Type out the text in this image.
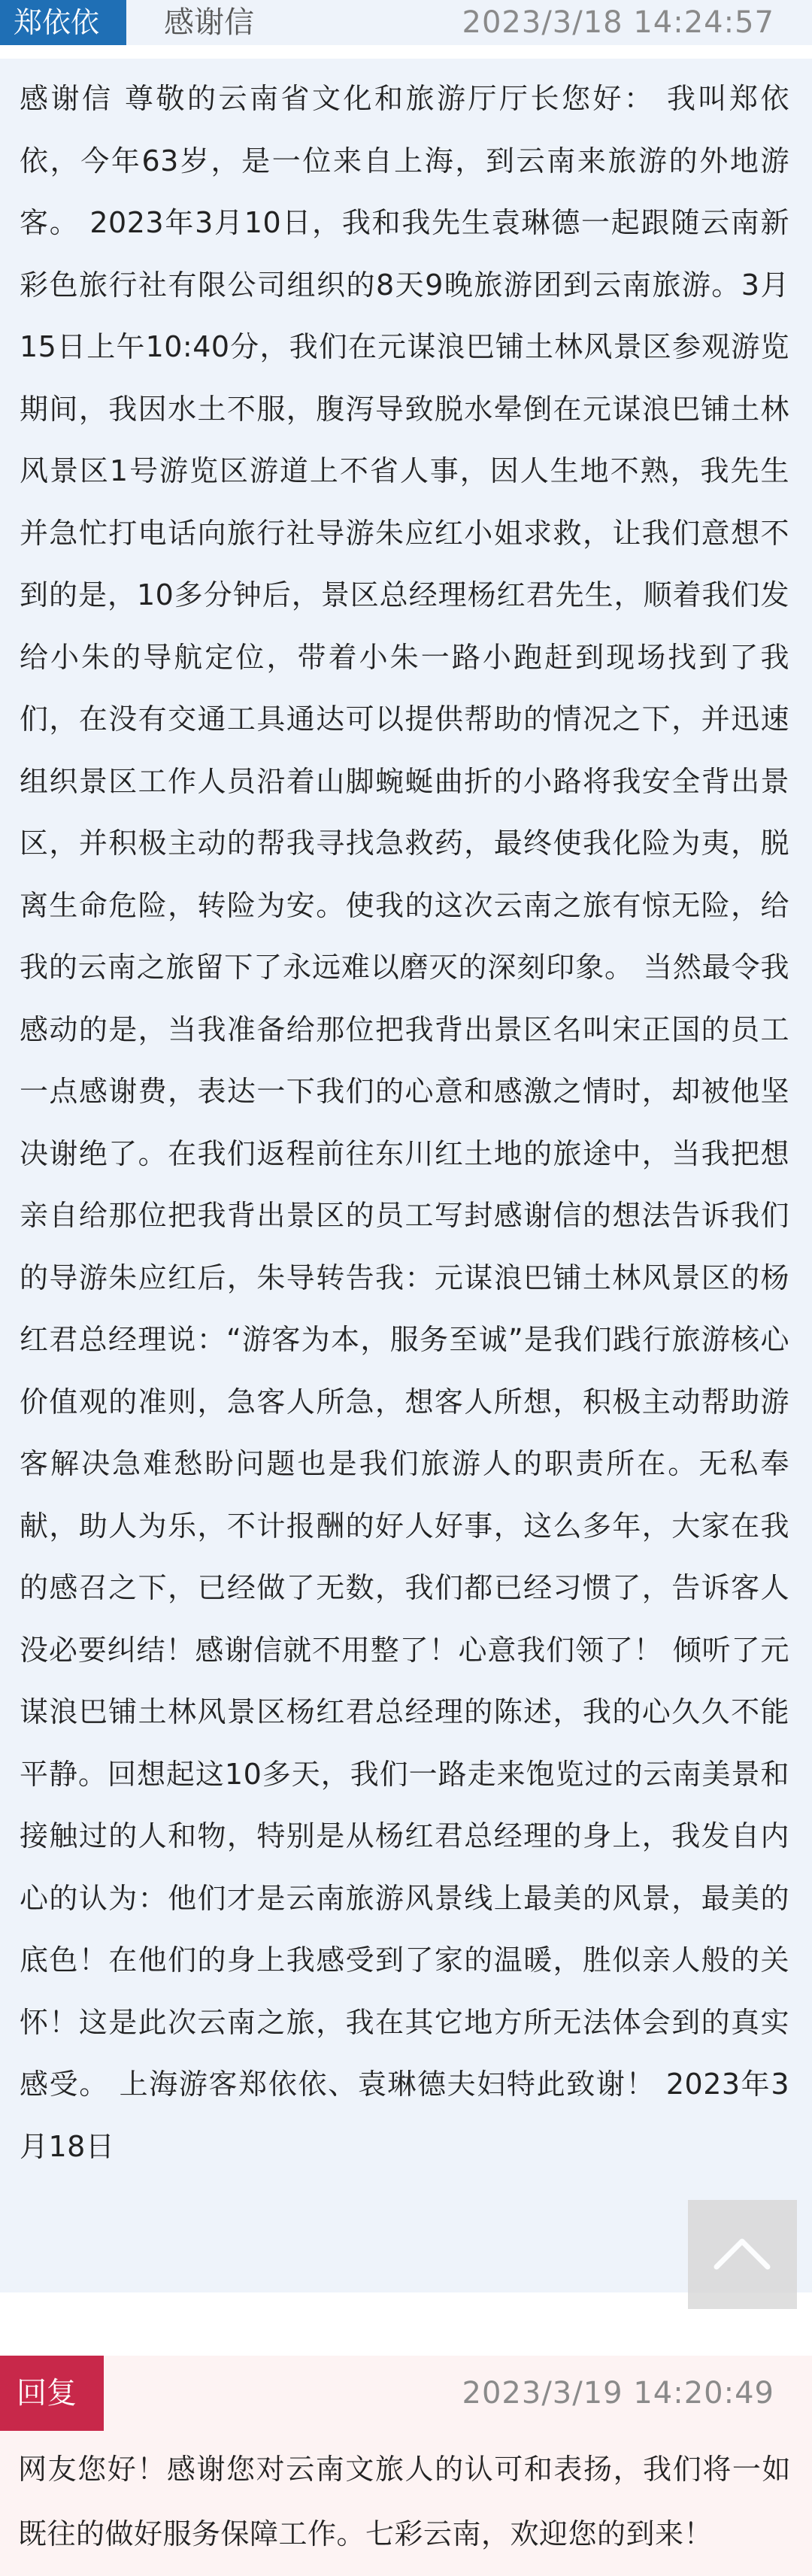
郑依依	感谢信	2023/3/18 14:24:57

感谢信 尊敬的云南省文化和旅游厅厅长您好： 我叫郑依依，今年63岁，是一位来自上海，到云南来旅游的外地游客。 2023年3月10日，我和我先生袁琳德一起跟随云南新彩色旅行社有限公司组织的8天9晚旅游团到云南旅游。3月15日上午10:40分，我们在元谋浪巴铺土林风景区参观游览期间，我因水土不服，腹泻导致脱水晕倒在元谋浪巴铺土林风景区1号游览区游道上不省人事，因人生地不熟，我先生并急忙打电话向旅行社导游朱应红小姐求救，让我们意想不到的是，10多分钟后，景区总经理杨红君先生，顺着我们发给小朱的导航定位，带着小朱一路小跑赶到现场找到了我们，在没有交通工具通达可以提供帮助的情况之下，并迅速组织景区工作人员沿着山脚蜿蜒曲折的小路将我安全背出景区，并积极主动的帮我寻找急救药，最终使我化险为夷，脱离生命危险，转险为安。使我的这次云南之旅有惊无险，给我的云南之旅留下了永远难以磨灭的深刻印象。 当然最令我感动的是，当我准备给那位把我背出景区名叫宋正国的员工一点感谢费，表达一下我们的心意和感激之情时，却被他坚决谢绝了。在我们返程前往东川红土地的旅途中，当我把想亲自给那位把我背出景区的员工写封感谢信的想法告诉我们的导游朱应红后，朱导转告我：元谋浪巴铺土林风景区的杨红君总经理说：“游客为本，服务至诚”是我们践行旅游核心价值观的准则，急客人所急，想客人所想，积极主动帮助游客解决急难愁盼问题也是我们旅游人的职责所在。无私奉献，助人为乐，不计报酬的好人好事，这么多年，大家在我的感召之下，已经做了无数，我们都已经习惯了，告诉客人没必要纠结！感谢信就不用整了！心意我们领了！ 倾听了元谋浪巴铺土林风景区杨红君总经理的陈述，我的心久久不能平静。回想起这10多天，我们一路走来饱览过的云南美景和接触过的人和物，特别是从杨红君总经理的身上，我发自内心的认为：他们才是云南旅游风景线上最美的风景，最美的底色！在他们的身上我感受到了家的温暖，胜似亲人般的关怀！这是此次云南之旅，我在其它地方所无法体会到的真实感受。 上海游客郑依依、袁琳德夫妇特此致谢！ 2023年3月18日

回复	2023/3/19 14:20:49

网友您好！感谢您对云南文旅人的认可和表扬，我们将一如既往的做好服务保障工作。七彩云南，欢迎您的到来！
